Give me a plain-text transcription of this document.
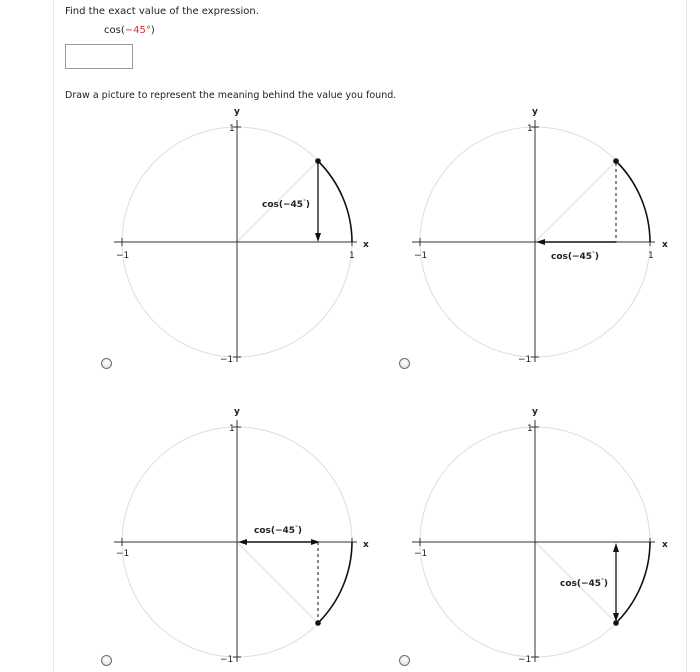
Find the exact value of the expression.
cos(−45°)
Draw a picture to represent the meaning behind the value you found.
y
x
1
−1
1
−1
$\cos(-45^\circ_)$
y
x
1
−1
1
−1
$\cos(-45^\circ_)$
y
x
−1
1
−1
$\cos(-45^\circ_)$
y
x
−1
1
−1
$\cos(-45^\circ_)$
